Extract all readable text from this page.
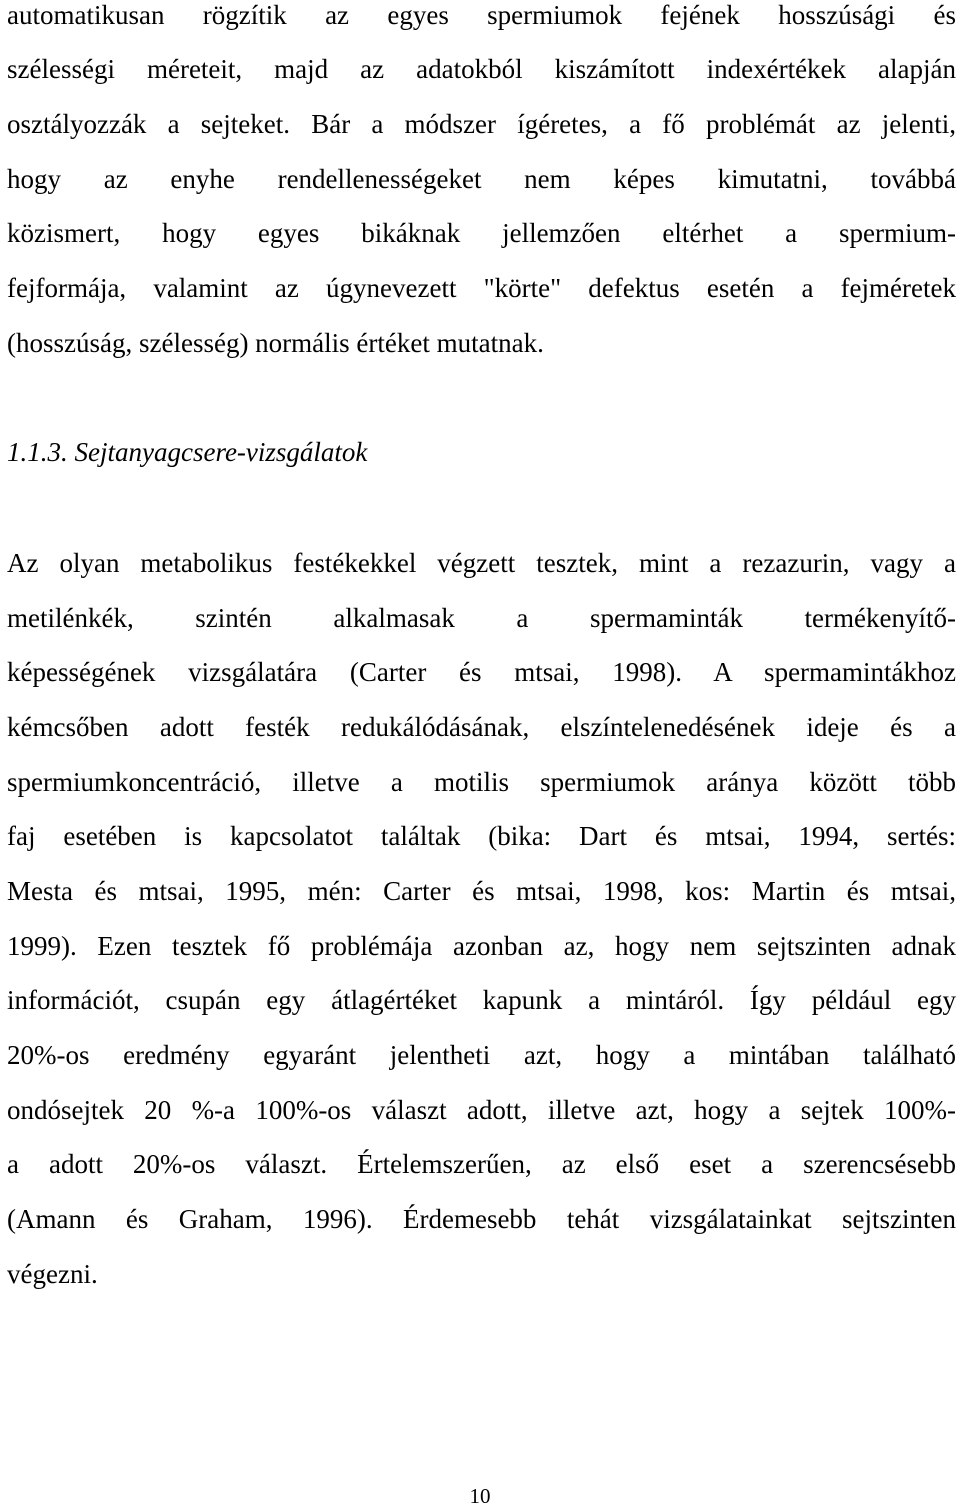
automatikusan rögzítik az egyes spermiumok fejének hosszúsági és
szélességi méreteit, majd az adatokból kiszámított indexértékek alapján
osztályozzák a sejteket. Bár a módszer ígéretes, a fő problémát az jelenti,
hogy az enyhe rendellenességeket nem képes kimutatni, továbbá
közismert, hogy egyes bikáknak jellemzően eltérhet a spermium-
fejformája, valamint az úgynevezett "körte" defektus esetén a fejméretek
(hosszúság, szélesség) normális értéket mutatnak.
1.1.3. Sejtanyagcsere-vizsgálatok
Az olyan metabolikus festékekkel végzett tesztek, mint a rezazurin, vagy a
metilénkék, szintén alkalmasak a spermaminták termékenyítő-
képességének vizsgálatára (Carter és mtsai, 1998). A spermamintákhoz
kémcsőben adott festék redukálódásának, elszíntelenedésének ideje és a
spermiumkoncentráció, illetve a motilis spermiumok aránya között több
faj esetében is kapcsolatot találtak (bika: Dart és mtsai, 1994, sertés:
Mesta és mtsai, 1995, mén: Carter és mtsai, 1998, kos: Martin és mtsai,
1999). Ezen tesztek fő problémája azonban az, hogy nem sejtszinten adnak
információt, csupán egy átlagértéket kapunk a mintáról. Így például egy
20%-os eredmény egyaránt jelentheti azt, hogy a mintában található
ondósejtek 20 %-a 100%-os választ adott, illetve azt, hogy a sejtek 100%-
a adott 20%-os választ. Értelemszerűen, az első eset a szerencsésebb
(Amann és Graham, 1996). Érdemesebb tehát vizsgálatainkat sejtszinten
végezni.
10
